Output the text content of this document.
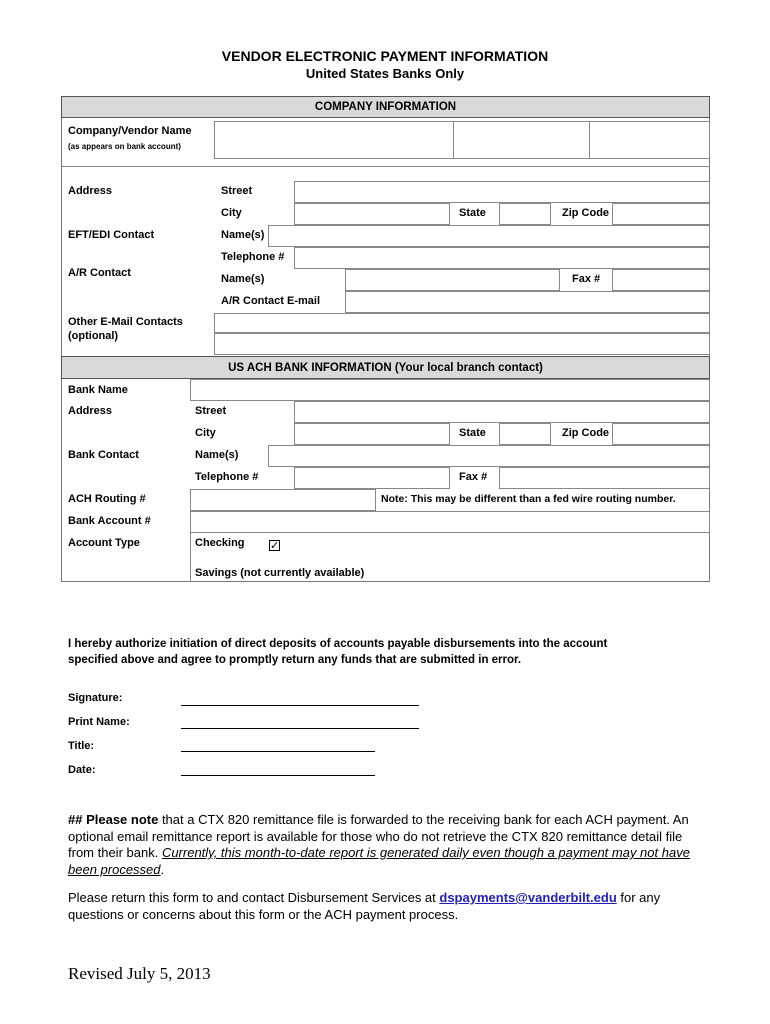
VENDOR ELECTRONIC PAYMENT INFORMATION
United States Banks Only
COMPANY INFORMATION
Company/Vendor Name
(as appears on bank account)
Address	Street
City	State	Zip Code
EFT/EDI Contact	Name(s)
Telephone #
A/R Contact	Name(s)	Fax #
A/R Contact E-mail
Other E-Mail Contacts
(optional)
US ACH BANK INFORMATION (Your local branch contact)
Bank Name
Address	Street
City	State	Zip Code
Bank Contact	Name(s)
Telephone #	Fax #
ACH Routing #	Note: This may be different than a fed wire routing number.
Bank Account #
Account Type	Checking ✓
Savings (not currently available)
I hereby authorize initiation of direct deposits of accounts payable disbursements into the account
specified above and agree to promptly return any funds that are submitted in error.
Signature:
Print Name:
Title:
Date:
## Please note that a CTX 820 remittance file is forwarded to the receiving bank for each ACH payment. An optional email remittance report is available for those who do not retrieve the CTX 820 remittance detail file from their bank. Currently, this month-to-date report is generated daily even though a payment may not have been processed.
Please return this form to and contact Disbursement Services at dspayments@vanderbilt.edu for any questions or concerns about this form or the ACH payment process.
Revised July 5, 2013
